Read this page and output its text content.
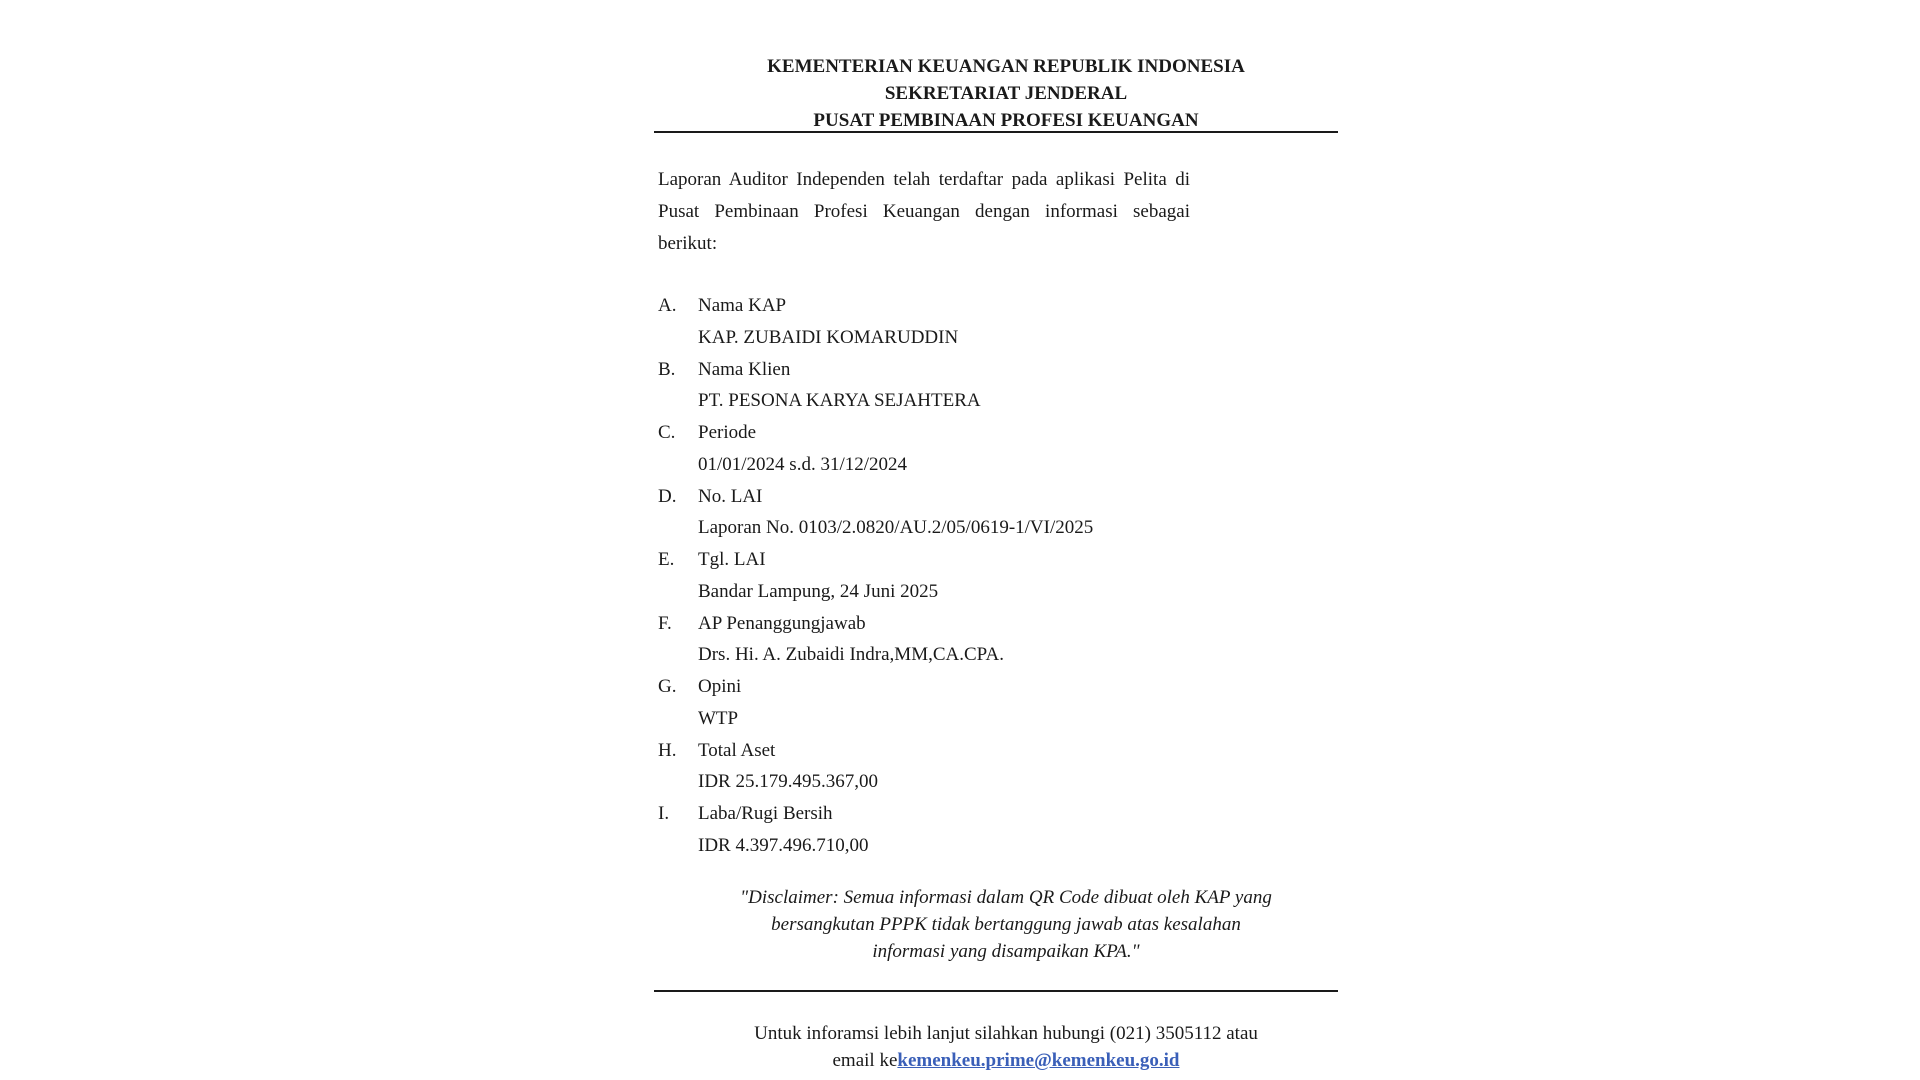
KEMENTERIAN KEUANGAN REPUBLIK INDONESIA
SEKRETARIAT JENDERAL
PUSAT PEMBINAAN PROFESI KEUANGAN

Laporan Auditor Independen telah terdaftar pada aplikasi Pelita di Pusat Pembinaan Profesi Keuangan dengan informasi sebagai berikut:

A. Nama KAP
KAP. ZUBAIDI KOMARUDDIN
B. Nama Klien
PT. PESONA KARYA SEJAHTERA
C. Periode
01/01/2024 s.d. 31/12/2024
D. No. LAI
Laporan No. 0103/2.0820/AU.2/05/0619-1/VI/2025
E. Tgl. LAI
Bandar Lampung, 24 Juni 2025
F. AP Penanggungjawab
Drs. Hi. A. Zubaidi Indra,MM,CA.CPA.
G. Opini
WTP
H. Total Aset
IDR 25.179.495.367,00
I. Laba/Rugi Bersih
IDR 4.397.496.710,00
"Disclaimer: Semua informasi dalam QR Code dibuat oleh KAP yang
bersangkutan PPPK tidak bertanggung jawab atas kesalahan
informasi yang disampaikan KPA."
Untuk inforamsi lebih lanjut silahkan hubungi (021) 3505112 atau
email kekemenkeu.prime@kemenkeu.go.id
